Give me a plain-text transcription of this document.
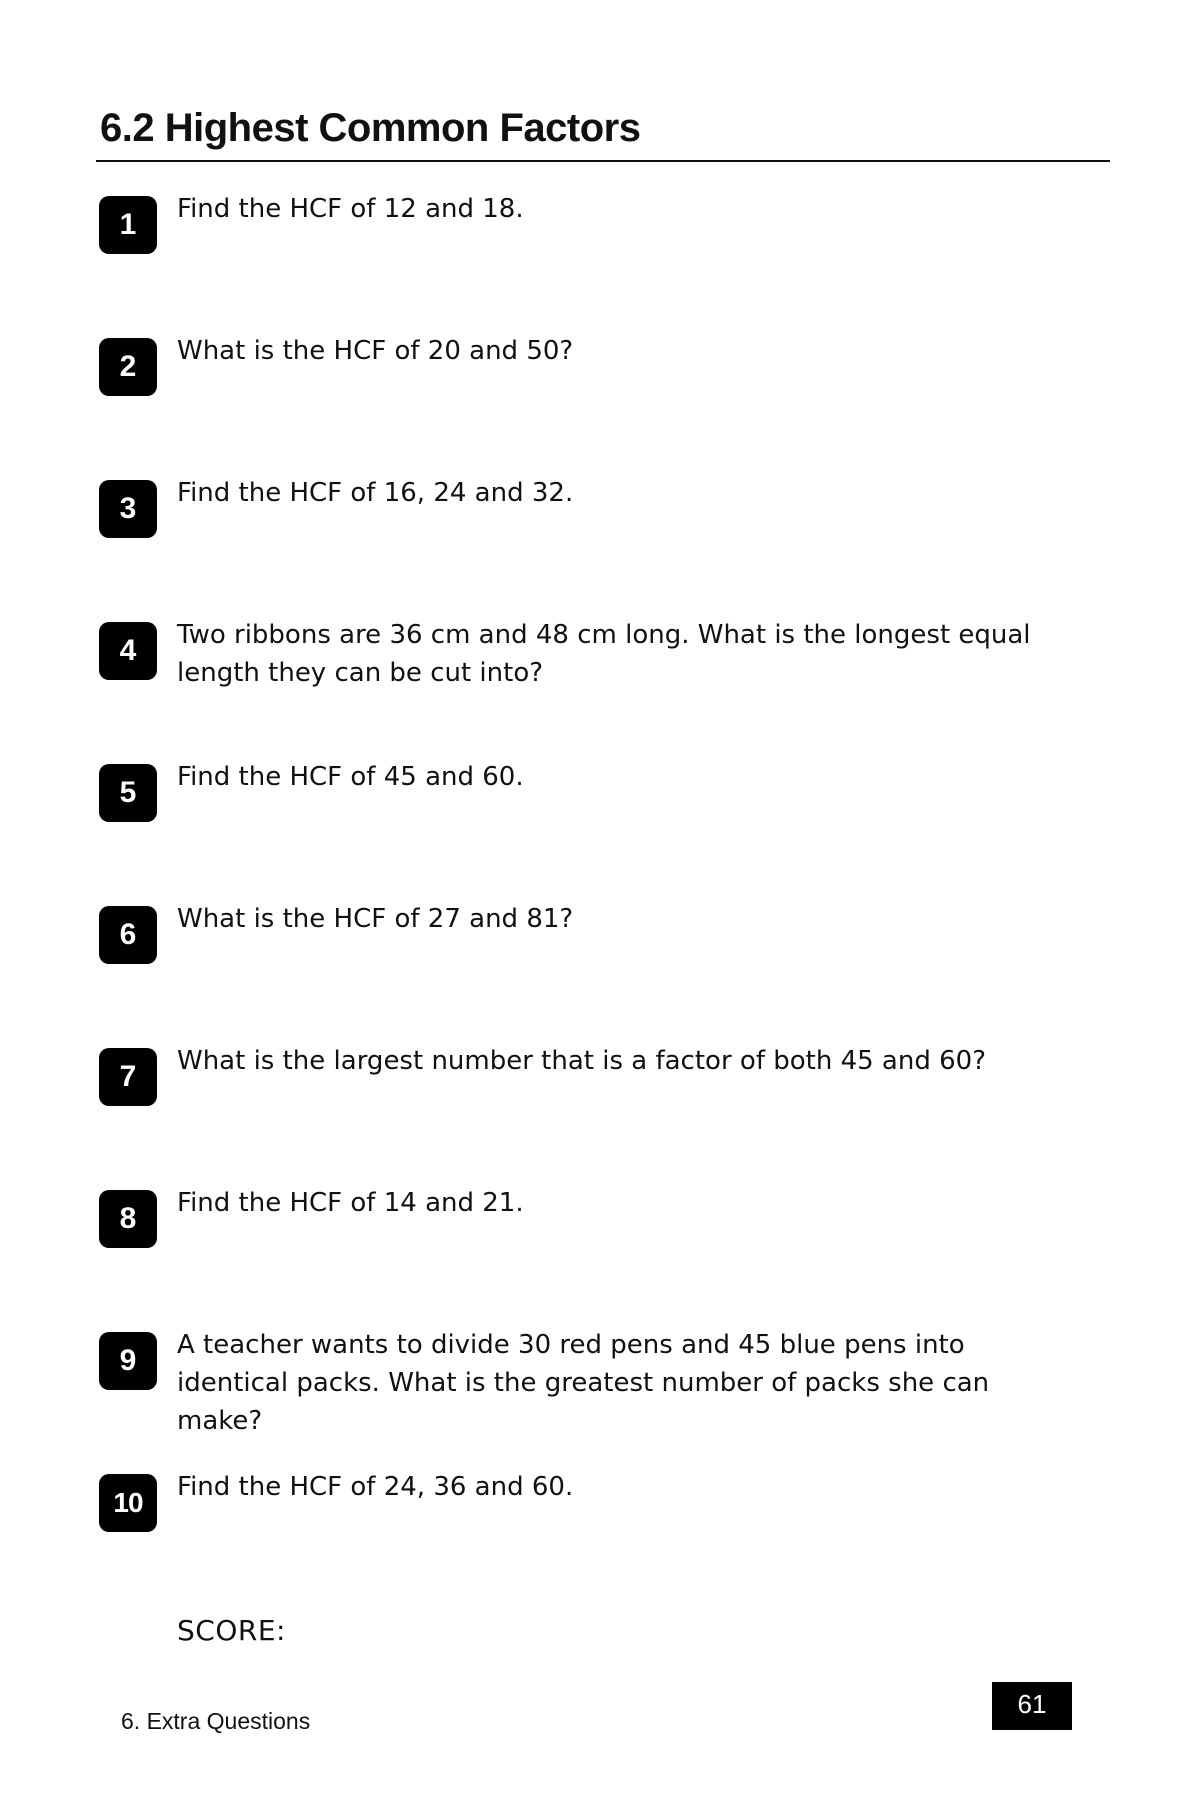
6.2 Highest Common Factors
1	Find the HCF of 12 and 18.
2	What is the HCF of 20 and 50?
3	Find the HCF of 16, 24 and 32.
4	Two ribbons are 36 cm and 48 cm long. What is the longest equal length they can be cut into?
5	Find the HCF of 45 and 60.
6	What is the HCF of 27 and 81?
7	What is the largest number that is a factor of both 45 and 60?
8	Find the HCF of 14 and 21.
9	A teacher wants to divide 30 red pens and 45 blue pens into identical packs. What is the greatest number of packs she can make?
10	Find the HCF of 24, 36 and 60.
SCORE:
6. Extra Questions
61
